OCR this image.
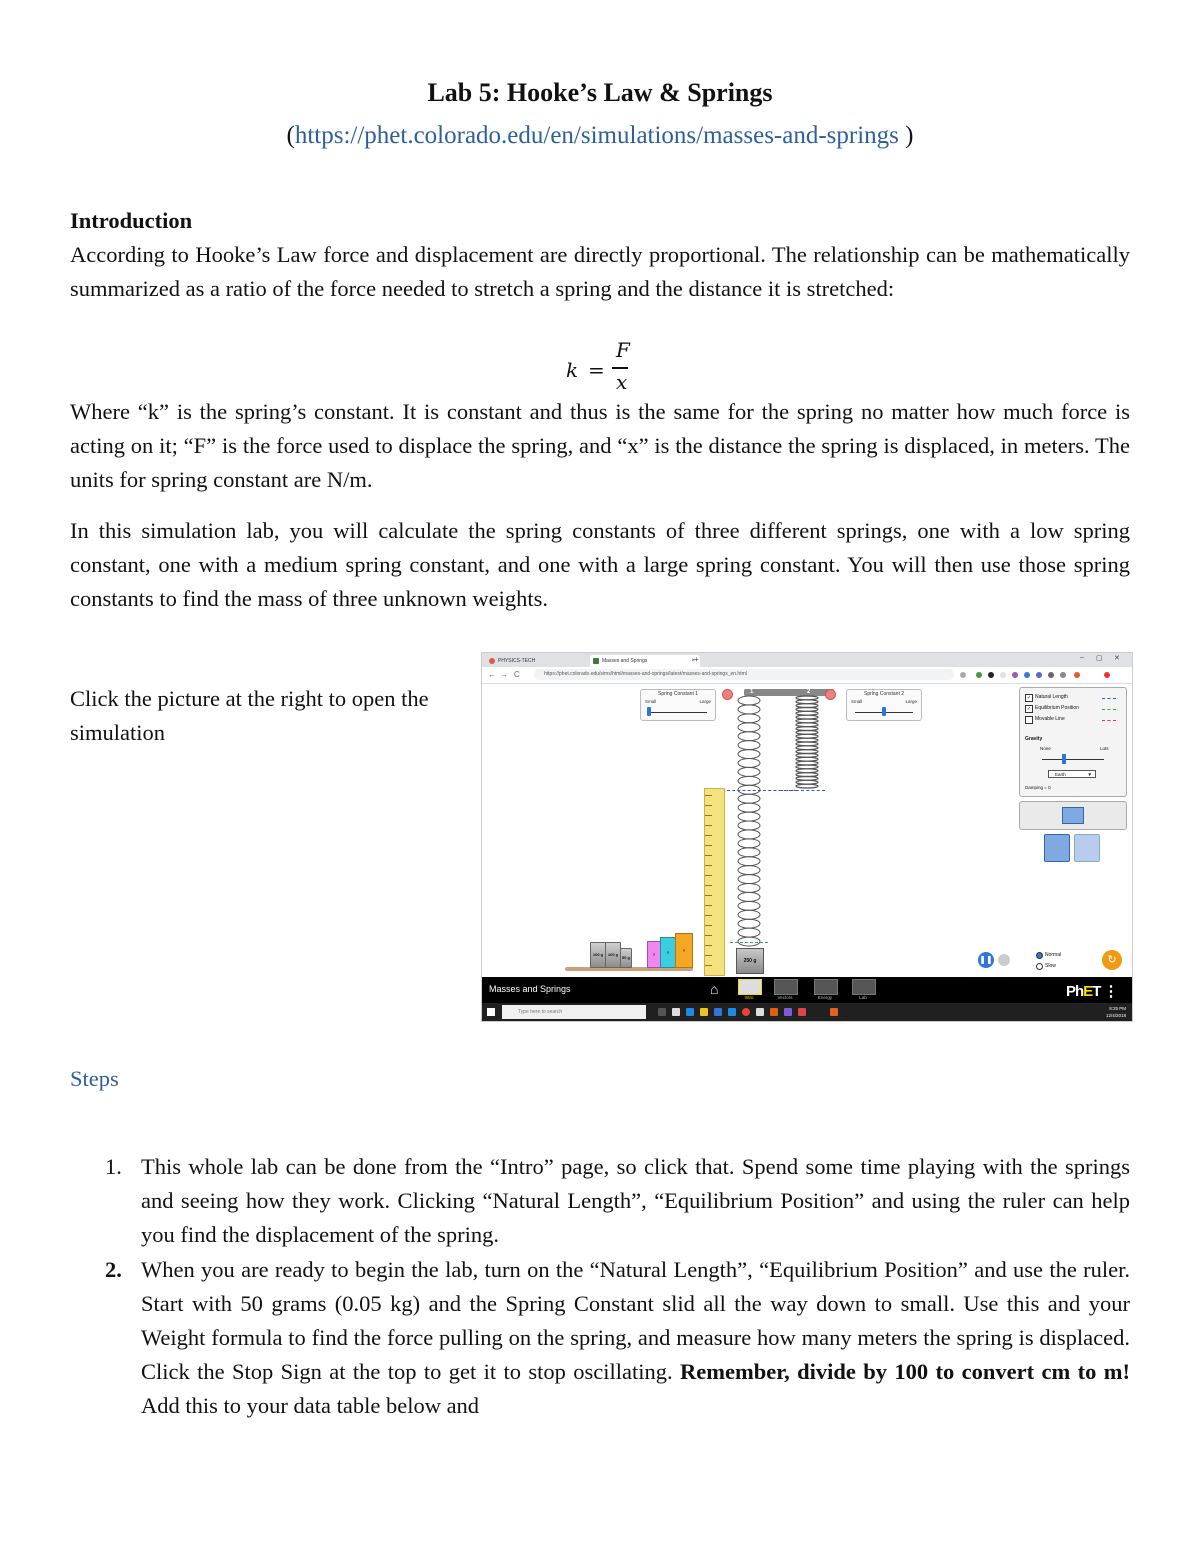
Lab 5: Hooke’s Law & Springs
(https://phet.colorado.edu/en/simulations/masses-and-springs )
Introduction
According to Hooke’s Law force and displacement are directly proportional. The relationship can be mathematically summarized as a ratio of the force needed to stretch a spring and the distance it is stretched:
k =
F
x
Where “k” is the spring’s constant. It is constant and thus is the same for the spring no matter how much force is acting on it; “F” is the force used to displace the spring, and “x” is the distance the spring is displaced, in meters. The units for spring constant are N/m.
In this simulation lab, you will calculate the spring constants of three different springs, one with a low spring constant, one with a medium spring constant, and one with a large spring constant. You will then use those spring constants to find the mass of three unknown weights.
Click the picture at the right to open the simulation
PHYSICS-TECH	Masses and Springs	× +	– ▢ ✕
← → C	https://phet.colorado.edu/sims/html/masses-and-springs/latest/masses-and-springs_en.html
Spring Constant 1
Small	Large
1	2	Spring Constant 2
Small	Large
100 g	100 g
50 g
?	?	?
250 g
✓ Natural Length
✓ Equilibrium Position
Movable Line
Gravity
None	Lots
Earth	▼
Damping = 0
❚❚	Normal
Slow	↻
Masses and Springs	⌂
Intro	Vectors	Energy	Lab	PhET ⋮
Type here to search
8:25 PM
12/4/2018
Steps
1. This whole lab can be done from the “Intro” page, so click that. Spend some time playing with the springs and seeing how they work. Clicking “Natural Length”, “Equilibrium Position” and using the ruler can help you find the displacement of the spring.
2. When you are ready to begin the lab, turn on the “Natural Length”, “Equilibrium Position” and use the ruler. Start with 50 grams (0.05 kg) and the Spring Constant slid all the way down to small. Use this and your Weight formula to find the force pulling on the spring, and measure how many meters the spring is displaced. Click the Stop Sign at the top to get it to stop oscillating. Remember, divide by 100 to convert cm to m! Add this to your data table below and
